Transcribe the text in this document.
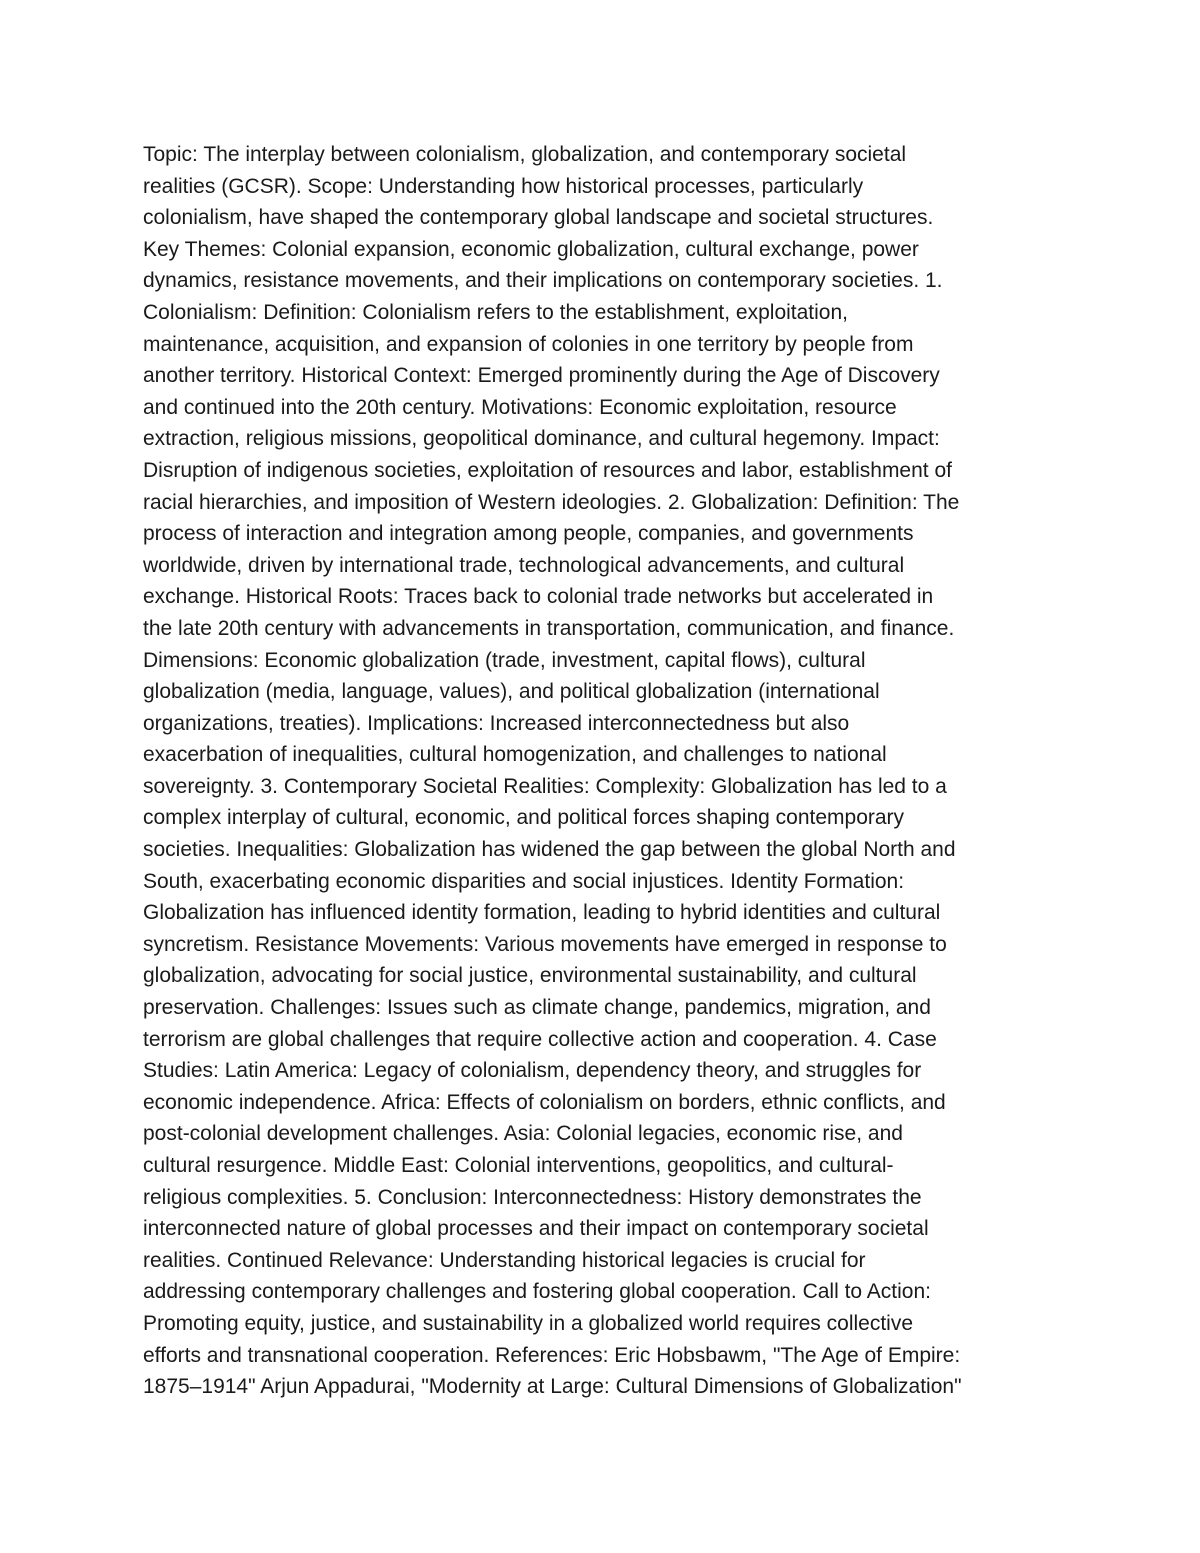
Topic: The interplay between colonialism, globalization, and contemporary societal
realities (GCSR). Scope: Understanding how historical processes, particularly
colonialism, have shaped the contemporary global landscape and societal structures.
Key Themes: Colonial expansion, economic globalization, cultural exchange, power
dynamics, resistance movements, and their implications on contemporary societies. 1.
Colonialism: Definition: Colonialism refers to the establishment, exploitation,
maintenance, acquisition, and expansion of colonies in one territory by people from
another territory. Historical Context: Emerged prominently during the Age of Discovery
and continued into the 20th century. Motivations: Economic exploitation, resource
extraction, religious missions, geopolitical dominance, and cultural hegemony. Impact:
Disruption of indigenous societies, exploitation of resources and labor, establishment of
racial hierarchies, and imposition of Western ideologies. 2. Globalization: Definition: The
process of interaction and integration among people, companies, and governments
worldwide, driven by international trade, technological advancements, and cultural
exchange. Historical Roots: Traces back to colonial trade networks but accelerated in
the late 20th century with advancements in transportation, communication, and finance.
Dimensions: Economic globalization (trade, investment, capital flows), cultural
globalization (media, language, values), and political globalization (international
organizations, treaties). Implications: Increased interconnectedness but also
exacerbation of inequalities, cultural homogenization, and challenges to national
sovereignty. 3. Contemporary Societal Realities: Complexity: Globalization has led to a
complex interplay of cultural, economic, and political forces shaping contemporary
societies. Inequalities: Globalization has widened the gap between the global North and
South, exacerbating economic disparities and social injustices. Identity Formation:
Globalization has influenced identity formation, leading to hybrid identities and cultural
syncretism. Resistance Movements: Various movements have emerged in response to
globalization, advocating for social justice, environmental sustainability, and cultural
preservation. Challenges: Issues such as climate change, pandemics, migration, and
terrorism are global challenges that require collective action and cooperation. 4. Case
Studies: Latin America: Legacy of colonialism, dependency theory, and struggles for
economic independence. Africa: Effects of colonialism on borders, ethnic conflicts, and
post-colonial development challenges. Asia: Colonial legacies, economic rise, and
cultural resurgence. Middle East: Colonial interventions, geopolitics, and cultural-
religious complexities. 5. Conclusion: Interconnectedness: History demonstrates the
interconnected nature of global processes and their impact on contemporary societal
realities. Continued Relevance: Understanding historical legacies is crucial for
addressing contemporary challenges and fostering global cooperation. Call to Action:
Promoting equity, justice, and sustainability in a globalized world requires collective
efforts and transnational cooperation. References: Eric Hobsbawm, "The Age of Empire:
1875–1914" Arjun Appadurai, "Modernity at Large: Cultural Dimensions of Globalization"
